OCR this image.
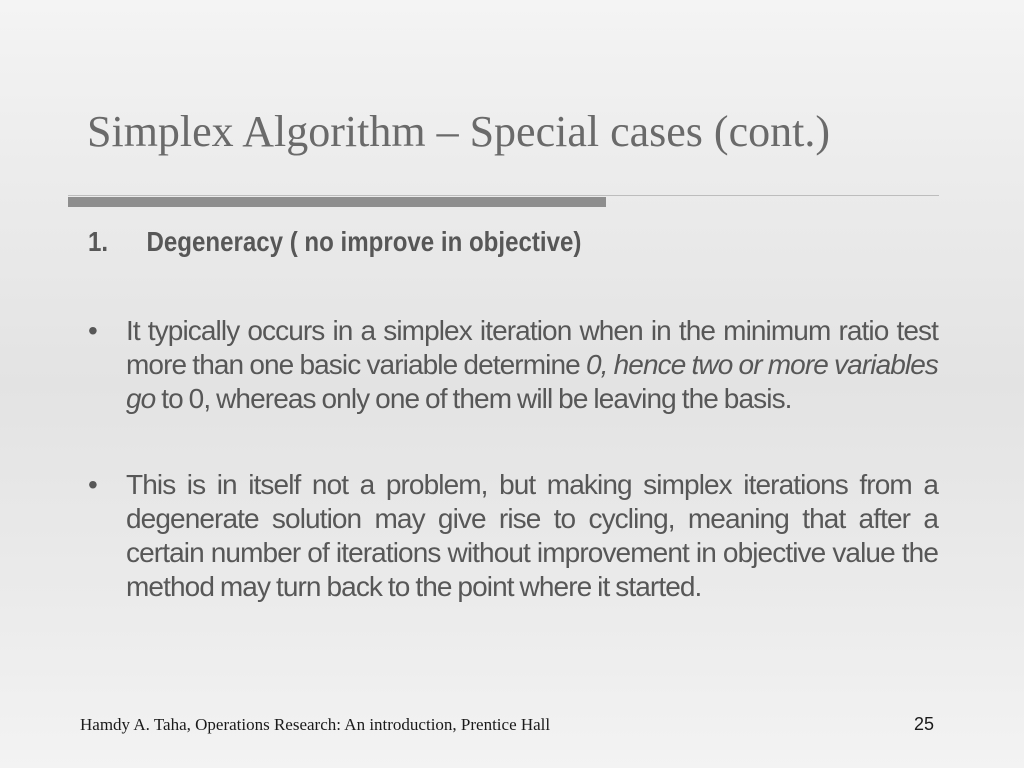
Simplex Algorithm – Special cases (cont.)
1.	Degeneracy ( no improve in objective)
• It typically occurs in a simplex iteration when in the minimum ratio test more than one basic variable determine 0, hence two or more variables go to 0, whereas only one of them will be leaving the basis.
• This is in itself not a problem, but making simplex iterations from a degenerate solution may give rise to cycling, meaning that after a certain number of iterations without improvement in objective value the method may turn back to the point where it started.
Hamdy A. Taha, Operations Research: An introduction, Prentice Hall	25
